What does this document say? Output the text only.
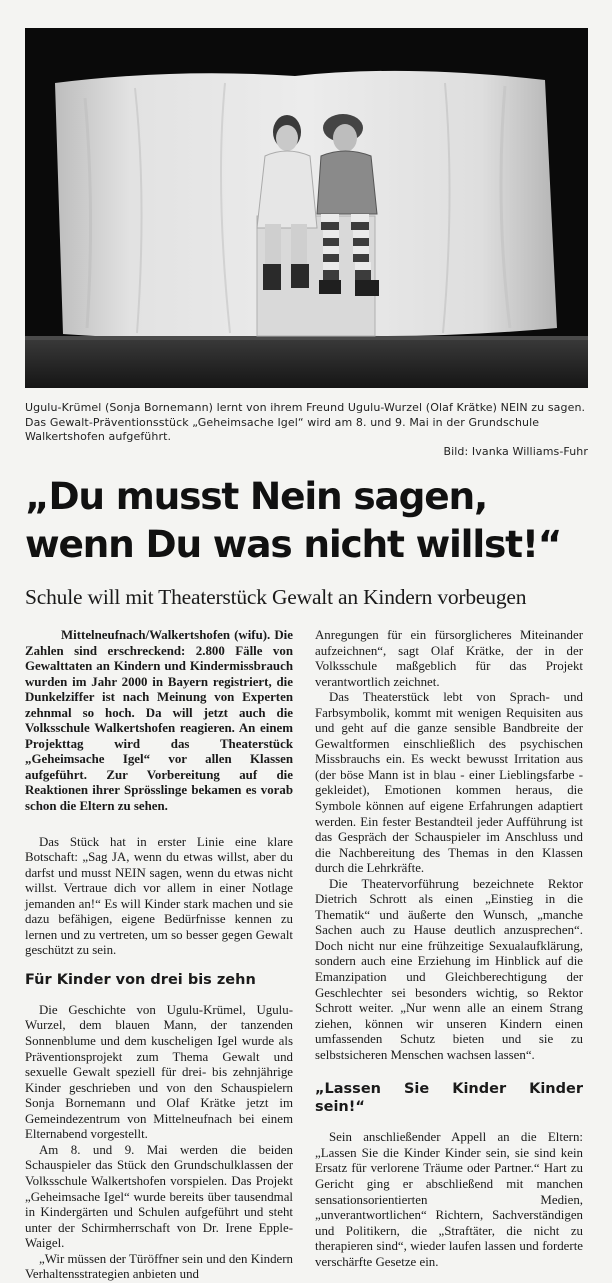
Ugulu-Krümel (Sonja Bornemann) lernt von ihrem Freund Ugulu-Wurzel (Olaf Krätke) NEIN zu sagen. Das Gewalt-Präventionsstück „Geheimsache Igel“ wird am 8. und 9. Mai in der Grundschule Walkertshofen aufgeführt.
Bild: Ivanka Williams-Fuhr
„Du musst Nein sagen,
wenn Du was nicht willst!“
Schule will mit Theaterstück Gewalt an Kindern vorbeugen

Mittelneufnach/Walkertshofen (wifu). Die Zahlen sind erschreckend: 2.800 Fälle von Gewalttaten an Kindern und Kindermissbrauch wurden im Jahr 2000 in Bayern registriert, die Dunkelziffer ist nach Meinung von Experten zehnmal so hoch. Da will jetzt auch die Volksschule Walkertshofen reagieren. An einem Projekttag wird das Theaterstück „Geheimsache Igel“ vor allen Klassen aufgeführt. Zur Vorbereitung auf die Reaktionen ihrer Sprösslinge bekamen es vorab schon die Eltern zu sehen.

Das Stück hat in erster Linie eine klare Botschaft: „Sag JA, wenn du etwas willst, aber du darfst und musst NEIN sagen, wenn du etwas nicht willst. Vertraue dich vor allem in einer Notlage jemanden an!“ Es will Kinder stark machen und sie dazu befähigen, eigene Bedürfnisse kennen zu lernen und zu vertreten, um so besser gegen Gewalt geschützt zu sein.

Für Kinder von drei bis zehn

Die Geschichte von Ugulu-Krümel, Ugulu-Wurzel, dem blauen Mann, der tanzenden Sonnenblume und dem kuscheligen Igel wurde als Präventionsprojekt zum Thema Gewalt und sexuelle Gewalt speziell für drei- bis zehnjährige Kinder geschrieben und von den Schauspielern Sonja Bornemann und Olaf Krätke jetzt im Gemeindezentrum von Mittelneufnach bei einem Elternabend vorgestellt.

Am 8. und 9. Mai werden die beiden Schauspieler das Stück den Grundschulklassen der Volksschule Walkertshofen vorspielen. Das Projekt „Geheimsache Igel“ wurde bereits über tausendmal in Kindergärten und Schulen aufgeführt und steht unter der Schirmherrschaft von Dr. Irene Epple-Waigel.

„Wir müssen der Türöffner sein und den Kindern Verhaltensstrategien anbieten und

Anregungen für ein fürsorglicheres Miteinander aufzeichnen“, sagt Olaf Krätke, der in der Volksschule maßgeblich für das Projekt verantwortlich zeichnet.

Das Theaterstück lebt von Sprach- und Farbsymbolik, kommt mit wenigen Requisiten aus und geht auf die ganze sensible Bandbreite der Gewaltformen einschließlich des psychischen Missbrauchs ein. Es weckt bewusst Irritation aus (der böse Mann ist in blau - einer Lieblingsfarbe - gekleidet), Emotionen kommen heraus, die Symbole können auf eigene Erfahrungen adaptiert werden. Ein fester Bestandteil jeder Aufführung ist das Gespräch der Schauspieler im Anschluss und die Nachbereitung des Themas in den Klassen durch die Lehrkräfte.

Die Theatervorführung bezeichnete Rektor Dietrich Schrott als einen „Einstieg in die Thematik“ und äußerte den Wunsch, „manche Sachen auch zu Hause deutlich anzusprechen“. Doch nicht nur eine frühzeitige Sexualaufklärung, sondern auch eine Erziehung im Hinblick auf die Emanzipation und Gleichberechtigung der Geschlechter sei besonders wichtig, so Rektor Schrott weiter. „Nur wenn alle an einem Strang ziehen, können wir unseren Kindern einen umfassenden Schutz bieten und sie zu selbstsicheren Menschen wachsen lassen“.

„Lassen Sie Kinder Kinder sein!“

Sein anschließender Appell an die Eltern: „Lassen Sie die Kinder Kinder sein, sie sind kein Ersatz für verlorene Träume oder Partner.“ Hart zu Gericht ging er abschließend mit manchen sensationsorientierten Medien, „unverantwortlichen“ Richtern, Sachverständigen und Politikern, die „Straftäter, die nicht zu therapieren sind“, wieder laufen lassen und forderte verschärfte Gesetze ein.
